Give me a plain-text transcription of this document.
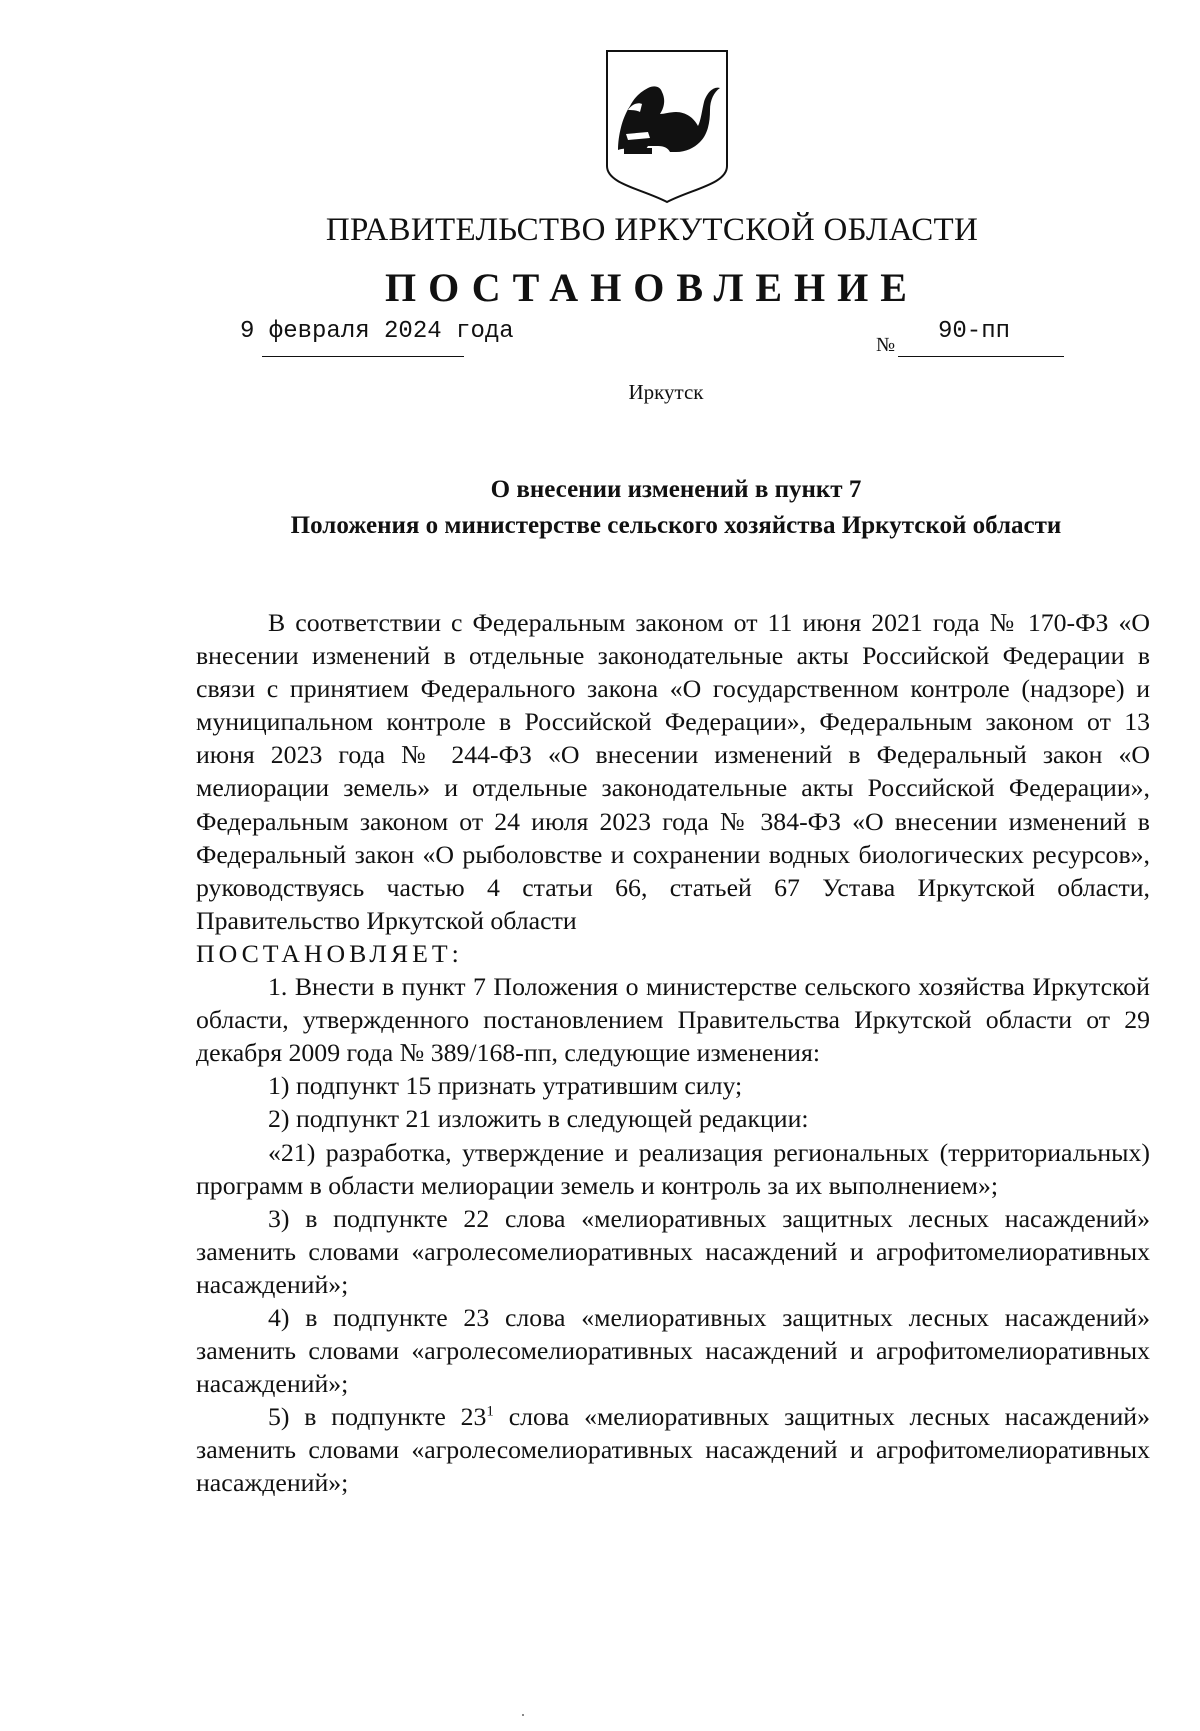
ПРАВИТЕЛЬСТВО ИРКУТСКОЙ ОБЛАСТИ
ПОСТАНОВЛЕНИЕ
9 февраля 2024 года	№ 90-пп
Иркутск
О внесении изменений в пункт 7
Положения о министерстве сельского хозяйства Иркутской области

В соответствии с Федеральным законом от 11 июня 2021 года № 170-ФЗ «О внесении изменений в отдельные законодательные акты Российской Федерации в связи с принятием Федерального закона «О государственном контроле (надзоре) и муниципальном контроле в Российской Федерации», Федеральным законом от 13 июня 2023 года № 244-ФЗ «О внесении изменений в Федеральный закон «О мелиорации земель» и отдельные законодательные акты Российской Федерации», Федеральным законом от 24 июля 2023 года № 384-ФЗ «О внесении изменений в Федеральный закон «О рыболовстве и сохранении водных биологических ресурсов», руководствуясь частью 4 статьи 66, статьей 67 Устава Иркутской области, Правительство Иркутской области

ПОСТАНОВЛЯЕТ:

1. Внести в пункт 7 Положения о министерстве сельского хозяйства Иркутской области, утвержденного постановлением Правительства Иркутской области от 29 декабря 2009 года № 389/168-пп, следующие изменения:

1) подпункт 15 признать утратившим силу;

2) подпункт 21 изложить в следующей редакции:

«21) разработка, утверждение и реализация региональных (территориальных) программ в области мелиорации земель и контроль за их выполнением»;

3) в подпункте 22 слова «мелиоративных защитных лесных насаждений» заменить словами «агролесомелиоративных насаждений и агрофитомелиоративных насаждений»;

4) в подпункте 23 слова «мелиоративных защитных лесных насаждений» заменить словами «агролесомелиоративных насаждений и агрофитомелиоративных насаждений»;

5) в подпункте $23^1$ слова «мелиоративных защитных лесных насаждений» заменить словами «агролесомелиоративных насаждений и агрофитомелиоративных насаждений»;
